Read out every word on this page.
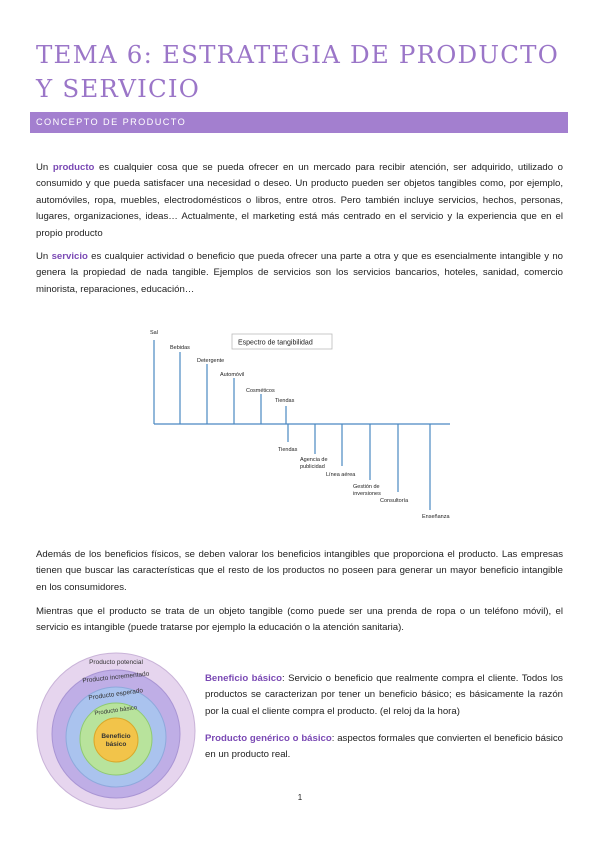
TEMA 6: ESTRATEGIA DE PRODUCTO Y SERVICIO
CONCEPTO DE PRODUCTO

Un producto es cualquier cosa que se pueda ofrecer en un mercado para recibir atención, ser adquirido, utilizado o consumido y que pueda satisfacer una necesidad o deseo. Un producto pueden ser objetos tangibles como, por ejemplo, automóviles, ropa, muebles, electrodomésticos o libros, entre otros. Pero también incluye servicios, hechos, personas, lugares, organizaciones, ideas… Actualmente, el marketing está más centrado en el servicio y la experiencia que en el propio producto

Un servicio es cualquier actividad o beneficio que pueda ofrecer una parte a otra y que es esencialmente intangible y no genera la propiedad de nada tangible. Ejemplos de servicios son los servicios bancarios, hoteles, sanidad, comercio minorista, reparaciones, educación…

Espectro de tangibilidad
Sal
Bebidas
Detergente
Automóvil
Cosméticos
Tiendas
Tiendas
Agencia de
publicidad
Línea aérea
Gestión de
inversiones
Consultoría
Enseñanza

Además de los beneficios físicos, se deben valorar los beneficios intangibles que proporciona el producto. Las empresas tienen que buscar las características que el resto de los productos no poseen para generar un mayor beneficio intangible en los consumidores.

Mientras que el producto se trata de un objeto tangible (como puede ser una prenda de ropa o un teléfono móvil), el servicio es intangible (puede tratarse por ejemplo la educación o la atención sanitaria).

Producto potencial
Producto incrementado
Producto esperado
Producto básico
Beneficio
básico

Beneficio básico: Servicio o beneficio que realmente compra el cliente. Todos los productos se caracterizan por tener un beneficio básico; es básicamente la razón por la cual el cliente compra el producto. (el reloj da la hora)

Producto genérico o básico: aspectos formales que convierten el beneficio básico en un producto real.

1
